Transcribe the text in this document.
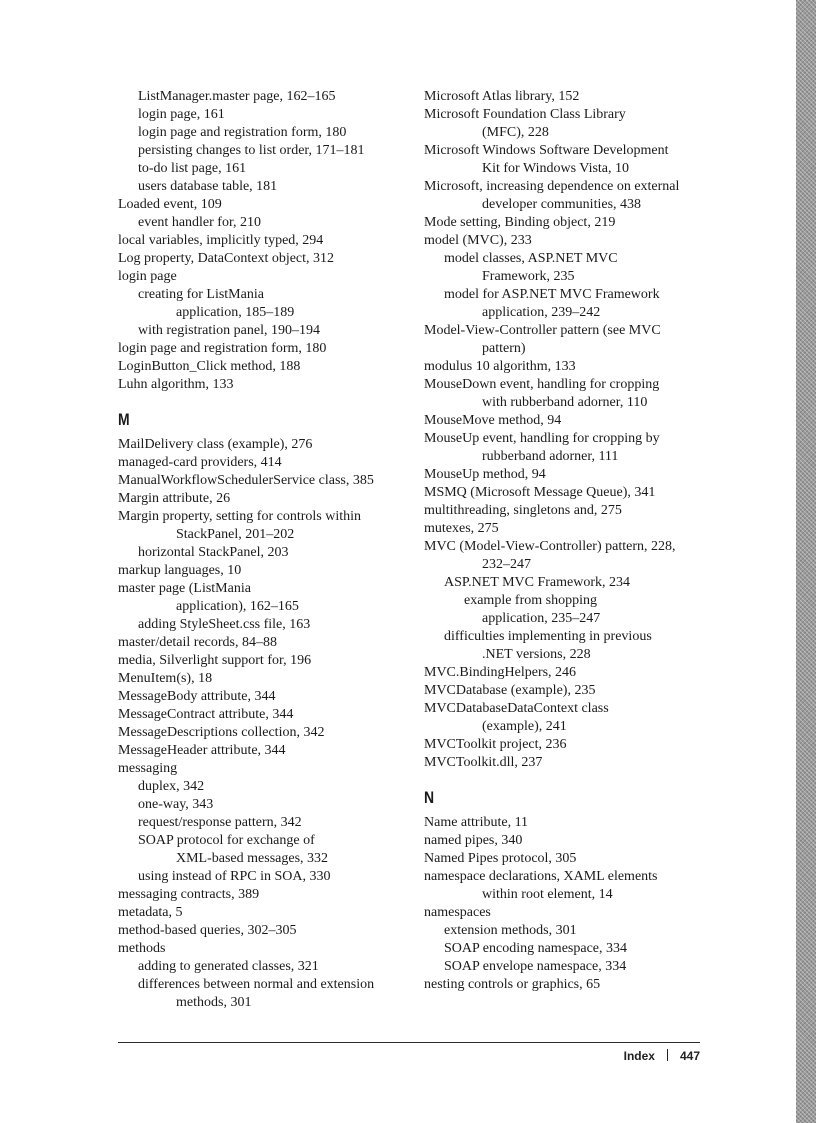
ListManager.master page, 162–165
login page, 161
login page and registration form, 180
persisting changes to list order, 171–181
to-do list page, 161
users database table, 181
Loaded event, 109
event handler for, 210
local variables, implicitly typed, 294
Log property, DataContext object, 312
login page
creating for ListMania
application, 185–189
with registration panel, 190–194
login page and registration form, 180
LoginButton_Click method, 188
Luhn algorithm, 133
M
MailDelivery class (example), 276
managed-card providers, 414
ManualWorkflowSchedulerService class, 385
Margin attribute, 26
Margin property, setting for controls within
StackPanel, 201–202
horizontal StackPanel, 203
markup languages, 10
master page (ListMania
application), 162–165
adding StyleSheet.css file, 163
master/detail records, 84–88
media, Silverlight support for, 196
MenuItem(s), 18
MessageBody attribute, 344
MessageContract attribute, 344
MessageDescriptions collection, 342
MessageHeader attribute, 344
messaging
duplex, 342
one-way, 343
request/response pattern, 342
SOAP protocol for exchange of
XML-based messages, 332
using instead of RPC in SOA, 330
messaging contracts, 389
metadata, 5
method-based queries, 302–305
methods
adding to generated classes, 321
differences between normal and extension
methods, 301
Microsoft Atlas library, 152
Microsoft Foundation Class Library
(MFC), 228
Microsoft Windows Software Development
Kit for Windows Vista, 10
Microsoft, increasing dependence on external
developer communities, 438
Mode setting, Binding object, 219
model (MVC), 233
model classes, ASP.NET MVC
Framework, 235
model for ASP.NET MVC Framework
application, 239–242
Model-View-Controller pattern (see MVC
pattern)
modulus 10 algorithm, 133
MouseDown event, handling for cropping
with rubberband adorner, 110
MouseMove method, 94
MouseUp event, handling for cropping by
rubberband adorner, 111
MouseUp method, 94
MSMQ (Microsoft Message Queue), 341
multithreading, singletons and, 275
mutexes, 275
MVC (Model-View-Controller) pattern, 228,
232–247
ASP.NET MVC Framework, 234
example from shopping
application, 235–247
difficulties implementing in previous
.NET versions, 228
MVC.BindingHelpers, 246
MVCDatabase (example), 235
MVCDatabaseDataContext class
(example), 241
MVCToolkit project, 236
MVCToolkit.dll, 237
N
Name attribute, 11
named pipes, 340
Named Pipes protocol, 305
namespace declarations, XAML elements
within root element, 14
namespaces
extension methods, 301
SOAP encoding namespace, 334
SOAP envelope namespace, 334
nesting controls or graphics, 65
Index 447
